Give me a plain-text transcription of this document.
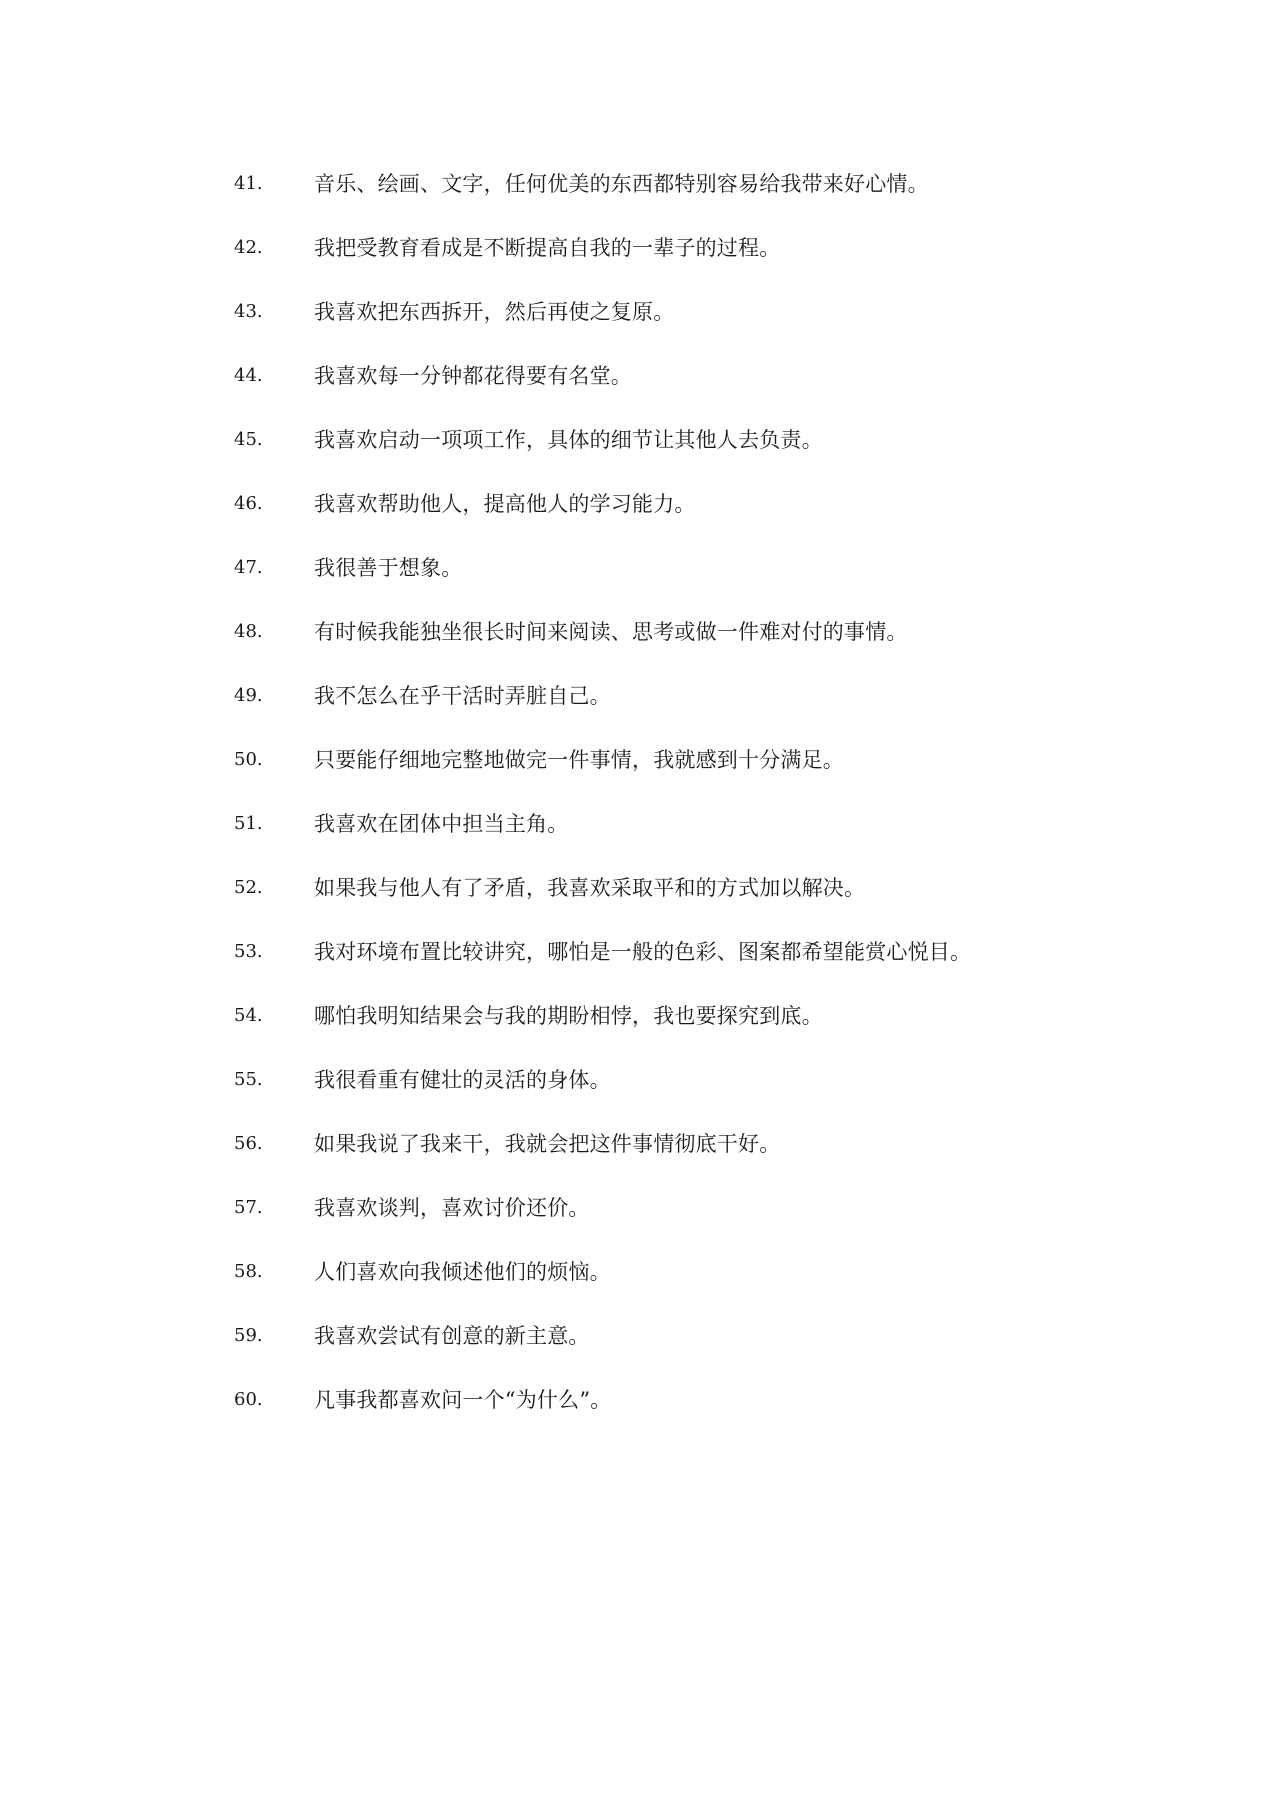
41. 音乐、绘画、文字，任何优美的东西都特别容易给我带来好心情。
42. 我把受教育看成是不断提高自我的一辈子的过程。
43. 我喜欢把东西拆开，然后再使之复原。
44. 我喜欢每一分钟都花得要有名堂。
45. 我喜欢启动一项项工作，具体的细节让其他人去负责。
46. 我喜欢帮助他人，提高他人的学习能力。
47. 我很善于想象。
48. 有时候我能独坐很长时间来阅读、思考或做一件难对付的事情。
49. 我不怎么在乎干活时弄脏自己。
50. 只要能仔细地完整地做完一件事情，我就感到十分满足。
51. 我喜欢在团体中担当主角。
52. 如果我与他人有了矛盾，我喜欢采取平和的方式加以解决。
53. 我对环境布置比较讲究，哪怕是一般的色彩、图案都希望能赏心悦目。
54. 哪怕我明知结果会与我的期盼相悖，我也要探究到底。
55. 我很看重有健壮的灵活的身体。
56. 如果我说了我来干，我就会把这件事情彻底干好。
57. 我喜欢谈判，喜欢讨价还价。
58. 人们喜欢向我倾述他们的烦恼。
59. 我喜欢尝试有创意的新主意。
60. 凡事我都喜欢问一个“为什么”。
